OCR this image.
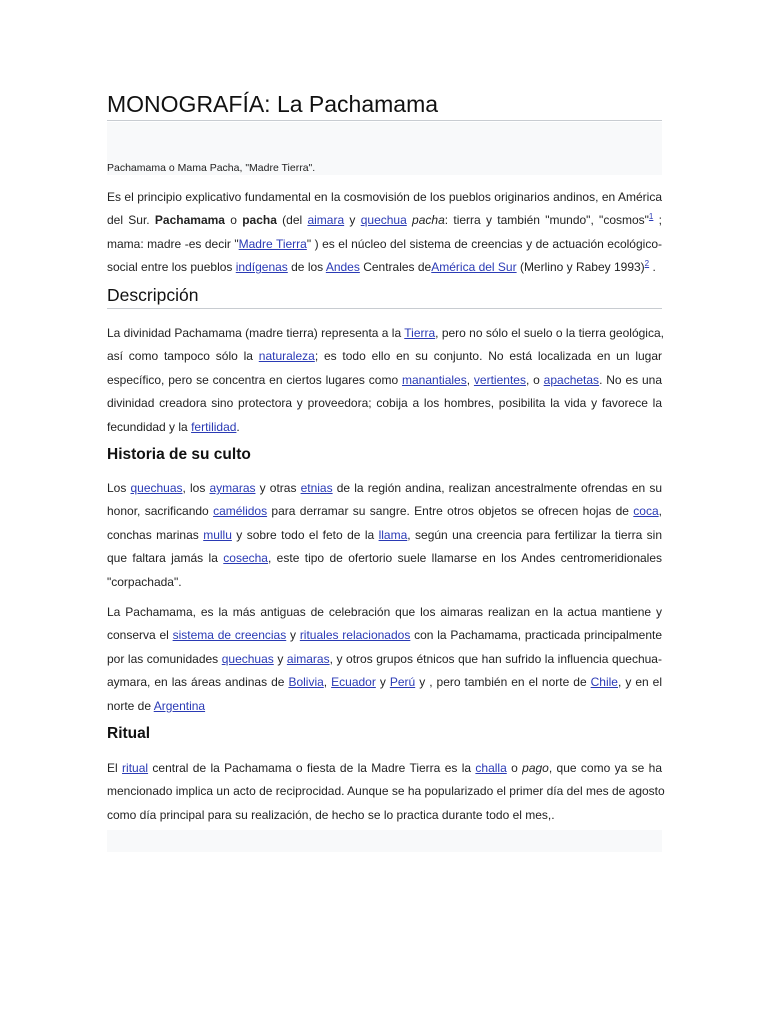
MONOGRAFÍA: La Pachamama
Pachamama o Mama Pacha, "Madre Tierra".
Es el principio explicativo fundamental en la cosmovisión de los pueblos originarios andinos, en América
del Sur. Pachamama o pacha (del aimara y quechua pacha: tierra y también "mundo", "cosmos"$^1$ ;
mama: madre -es decir "Madre Tierra" ) es el núcleo del sistema de creencias y de actuación ecológico-
social entre los pueblos indígenas de los Andes Centrales deAmérica del Sur (Merlino y Rabey 1993)$^2$ .
Descripción
La divinidad Pachamama (madre tierra) representa a la Tierra, pero no sólo el suelo o la tierra geológica,
así como tampoco sólo la naturaleza; es todo ello en su conjunto. No está localizada en un lugar
específico, pero se concentra en ciertos lugares como manantiales, vertientes, o apachetas. No es una
divinidad creadora sino protectora y proveedora; cobija a los hombres, posibilita la vida y favorece la
fecundidad y la fertilidad.
Historia de su culto
Los quechuas, los aymaras y otras etnias de la región andina, realizan ancestralmente ofrendas en su
honor, sacrificando camélidos para derramar su sangre. Entre otros objetos se ofrecen hojas de coca,
conchas marinas mullu y sobre todo el feto de la llama, según una creencia para fertilizar la tierra sin
que faltara jamás la cosecha, este tipo de ofertorio suele llamarse en los Andes centromeridionales
"corpachada".
La Pachamama, es la más antiguas de celebración que los aimaras realizan en la actua mantiene y
conserva el sistema de creencias y rituales relacionados con la Pachamama, practicada principalmente
por las comunidades quechuas y aimaras, y otros grupos étnicos que han sufrido la influencia quechua-
aymara, en las áreas andinas de Bolivia, Ecuador y Perú y , pero también en el norte de Chile, y en el
norte de Argentina
Ritual
El ritual central de la Pachamama o fiesta de la Madre Tierra es la challa o pago, que como ya se ha
mencionado implica un acto de reciprocidad. Aunque se ha popularizado el primer día del mes de agosto
como día principal para su realización, de hecho se lo practica durante todo el mes,.
